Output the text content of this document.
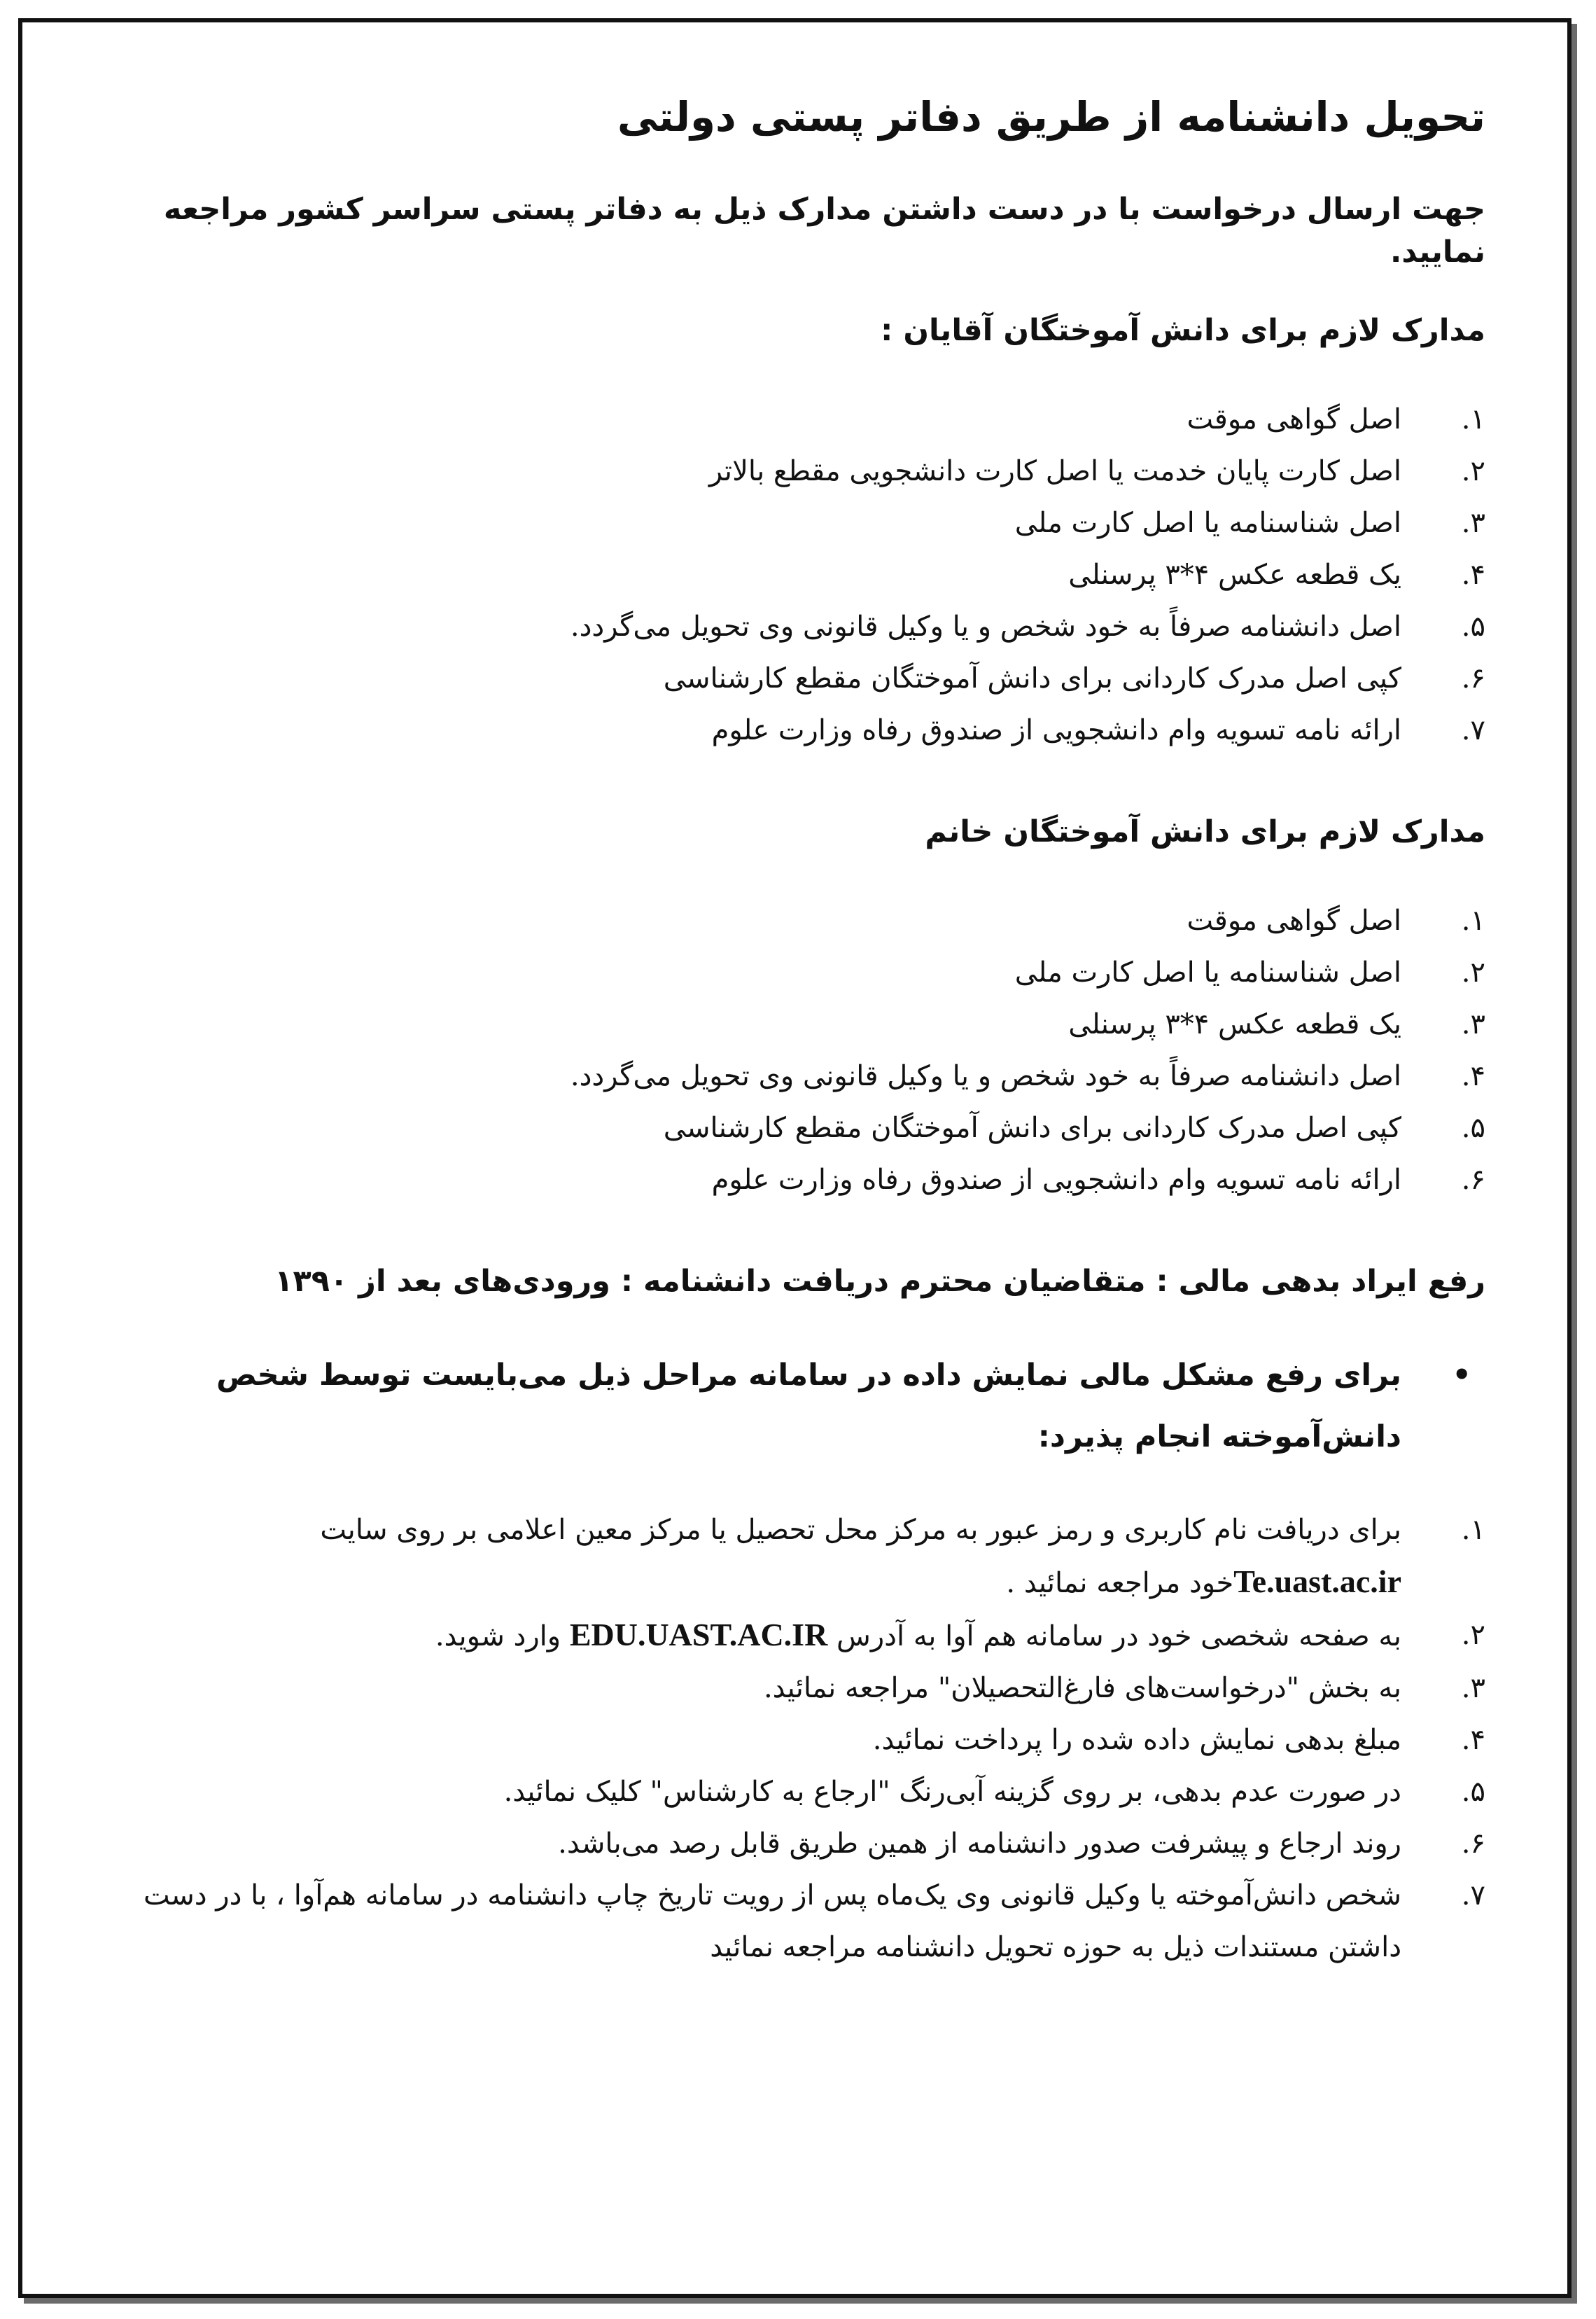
تحویل دانشنامه از طریق دفاتر پستی دولتی
جهت ارسال درخواست با در دست داشتن مدارک ذیل به دفاتر پستی سراسر کشور مراجعه نمایید.
مدارک لازم برای دانش آموختگان آقایان :
۱.
اصل گواهی موقت
۲.
اصل کارت پایان خدمت یا اصل کارت دانشجویی مقطع بالاتر
۳.
اصل شناسنامه یا اصل کارت ملی
۴.
یک قطعه عکس ۴*۳ پرسنلی
۵.
اصل دانشنامه صرفاً به خود شخص و یا وکیل قانونی وی تحویل می‌گردد.
۶.
کپی اصل مدرک کاردانی برای دانش آموختگان مقطع کارشناسی
۷.
ارائه نامه تسویه وام دانشجویی از صندوق رفاه وزارت علوم
مدارک لازم برای دانش آموختگان خانم
۱.
اصل گواهی موقت
۲.
اصل شناسنامه یا اصل کارت ملی
۳.
یک قطعه عکس ۴*۳ پرسنلی
۴.
اصل دانشنامه صرفاً به خود شخص و یا وکیل قانونی وی تحویل می‌گردد.
۵.
کپی اصل مدرک کاردانی برای دانش آموختگان مقطع کارشناسی
۶.
ارائه نامه تسویه وام دانشجویی از صندوق رفاه وزارت علوم
رفع ایراد بدهی مالی : متقاضیان محترم دریافت دانشنامه : ورودی‌های بعد از ۱۳۹۰
•
برای رفع مشکل مالی نمایش داده در سامانه مراحل ذیل می‌بایست توسط شخص دانش‌آموخته انجام پذیرد:
۱.
برای دریافت نام کاربری و رمز عبور به مرکز محل تحصیل یا مرکز معین اعلامی بر روی سایت Te.uast.ac.irخود مراجعه نمائید .
۲.
به صفحه شخصی خود در سامانه هم آوا به آدرس EDU.UAST.AC.IR وارد شوید.
۳.
به بخش "درخواست‌های فارغ‌التحصیلان" مراجعه نمائید.
۴.
مبلغ بدهی نمایش داده شده را پرداخت نمائید.
۵.
در صورت عدم بدهی، بر روی گزینه آبی‌رنگ "ارجاع به کارشناس" کلیک نمائید.
۶.
روند ارجاع و پیشرفت صدور دانشنامه از همین طریق قابل رصد می‌باشد.
۷.
شخص دانش‌آموخته یا وکیل قانونی وی یک‌ماه پس از رویت تاریخ چاپ دانشنامه در سامانه هم‌آوا ، با در دست داشتن مستندات ذیل به حوزه تحویل دانشنامه مراجعه نمائید
